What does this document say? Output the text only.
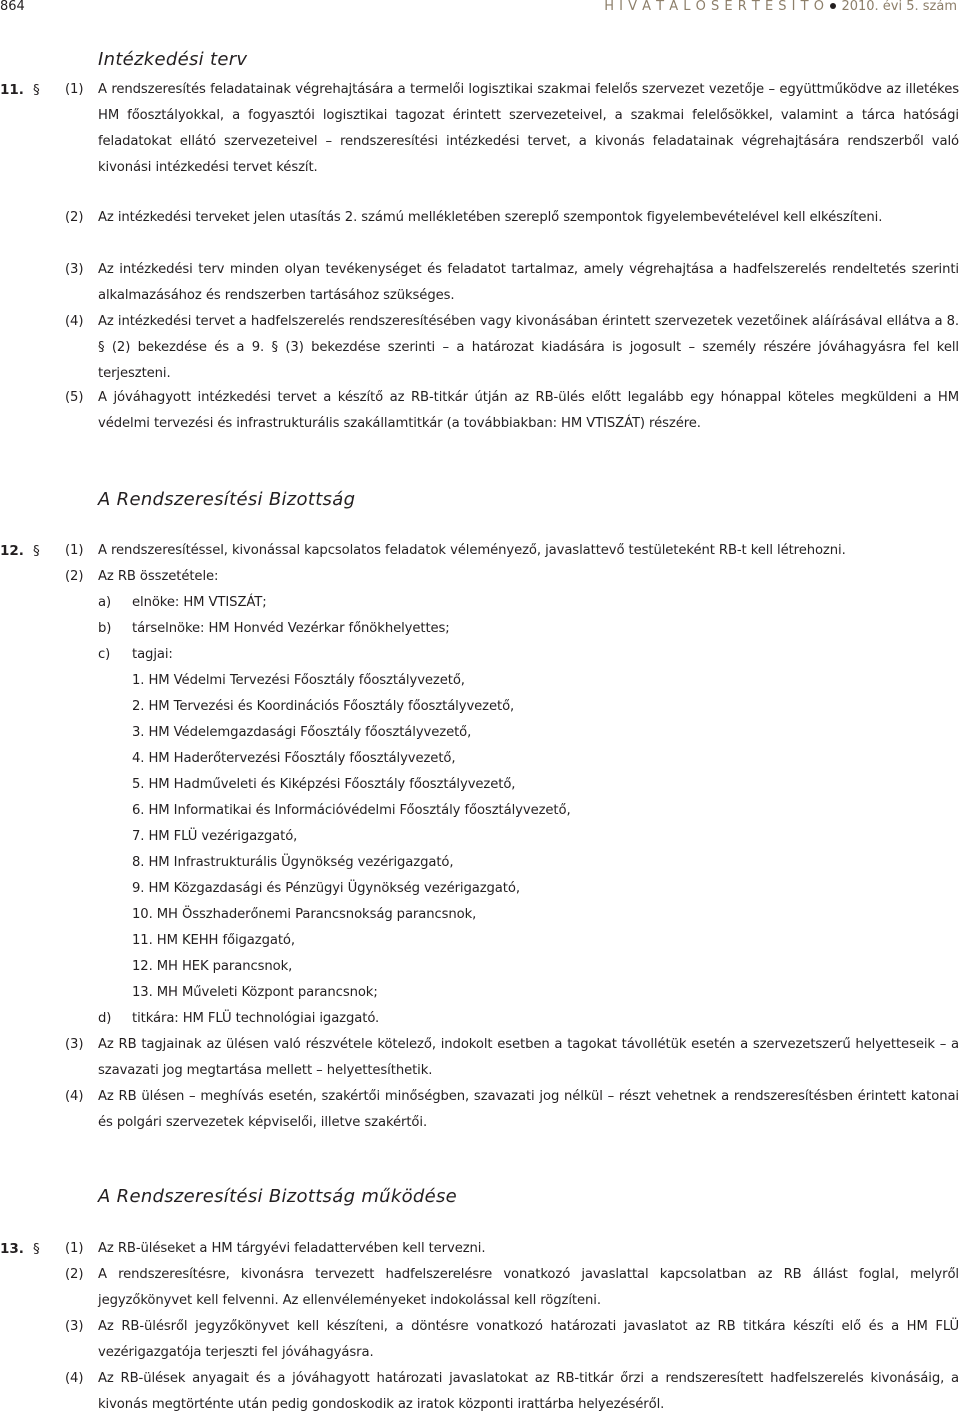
864	H I V A T A L O S É R T E S Í T Ő 2010. évi 5. szám
Intézkedési terv
11. § (1)	A rendszeresítés feladatainak végrehajtására a termelői logisztikai szakmai felelős szervezet vezetője – együttműködve az illetékes HM főosztályokkal, a fogyasztói logisztikai tagozat érintett szervezeteivel, a szakmai felelősökkel, valamint a tárca hatósági feladatokat ellátó szervezeteivel – rendszeresítési intézkedési tervet, a kivonás feladatainak végrehajtására rendszerből való kivonási intézkedési tervet készít.
(2)	Az intézkedési terveket jelen utasítás 2. számú mellékletében szereplő szempontok figyelembevételével kell elkészíteni.
(3)	Az intézkedési terv minden olyan tevékenységet és feladatot tartalmaz, amely végrehajtása a hadfelszerelés rendeltetés szerinti alkalmazásához és rendszerben tartásához szükséges.
(4)	Az intézkedési tervet a hadfelszerelés rendszeresítésében vagy kivonásában érintett szervezetek vezetőinek aláírásával ellátva a 8. § (2) bekezdése és a 9. § (3) bekezdése szerinti – a határozat kiadására is jogosult – személy részére jóváhagyásra fel kell terjeszteni.
(5)	A jóváhagyott intézkedési tervet a készítő az RB-titkár útján az RB-ülés előtt legalább egy hónappal köteles megküldeni a HM védelmi tervezési és infrastrukturális szakállamtitkár (a továbbiakban: HM VTISZÁT) részére.
A Rendszeresítési Bizottság
12. § (1)	A rendszeresítéssel, kivonással kapcsolatos feladatok véleményező, javaslattevő testületeként RB-t kell létrehozni.
(2)	Az RB összetétele:
a) elnöke: HM VTISZÁT;
b) társelnöke: HM Honvéd Vezérkar főnökhelyettes;
c) tagjai:
1. HM Védelmi Tervezési Főosztály főosztályvezető,
2. HM Tervezési és Koordinációs Főosztály főosztályvezető,
3. HM Védelemgazdasági Főosztály főosztályvezető,
4. HM Haderőtervezési Főosztály főosztályvezető,
5. HM Hadműveleti és Kiképzési Főosztály főosztályvezető,
6. HM Informatikai és Információvédelmi Főosztály főosztályvezető,
7. HM FLÜ vezérigazgató,
8. HM Infrastrukturális Ügynökség vezérigazgató,
9. HM Közgazdasági és Pénzügyi Ügynökség vezérigazgató,
10. MH Összhaderőnemi Parancsnokság parancsnok,
11. HM KEHH főigazgató,
12. MH HEK parancsnok,
13. MH Műveleti Központ parancsnok;
d) titkára: HM FLÜ technológiai igazgató.
(3)	Az RB tagjainak az ülésen való részvétele kötelező, indokolt esetben a tagokat távollétük esetén a szervezetszerű helyetteseik – a szavazati jog megtartása mellett – helyettesíthetik.
(4)	Az RB ülésen – meghívás esetén, szakértői minőségben, szavazati jog nélkül – részt vehetnek a rendszeresítésben érintett katonai és polgári szervezetek képviselői, illetve szakértői.
A Rendszeresítési Bizottság működése
13. § (1)	Az RB-üléseket a HM tárgyévi feladattervében kell tervezni.
(2)	A rendszeresítésre, kivonásra tervezett hadfelszerelésre vonatkozó javaslattal kapcsolatban az RB állást foglal, melyről jegyzőkönyvet kell felvenni. Az ellenvéleményeket indokolással kell rögzíteni.
(3)	Az RB-ülésről jegyzőkönyvet kell készíteni, a döntésre vonatkozó határozati javaslatot az RB titkára készíti elő és a HM FLÜ vezérigazgatója terjeszti fel jóváhagyásra.
(4)	Az RB-ülések anyagait és a jóváhagyott határozati javaslatokat az RB-titkár őrzi a rendszeresített hadfelszerelés kivonásáig, a kivonás megtörténte után pedig gondoskodik az iratok központi irattárba helyezéséről.
